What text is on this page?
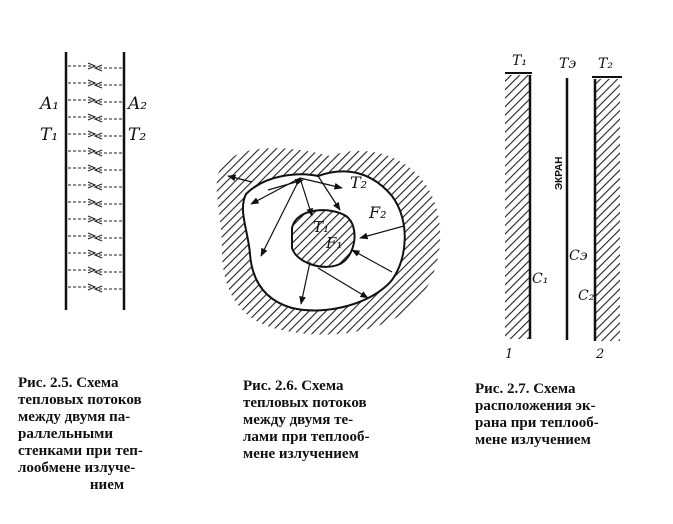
A₁	A₂
T₁	T₂
T₁
F₁
T₂
F₂
T₁ Tэ T₂
ЭКРАН
C₁
Cэ
C₂
1	2
Рис. 2.5. Схема
тепловых потоков
между двумя па-
раллельными
стенками при теп-
лообмене излуче-
нием
Рис. 2.6. Схема
тепловых потоков
между двумя те-
лами при теплооб-
мене излучением
Рис. 2.7. Схема
расположения эк-
рана при теплооб-
мене излучением
